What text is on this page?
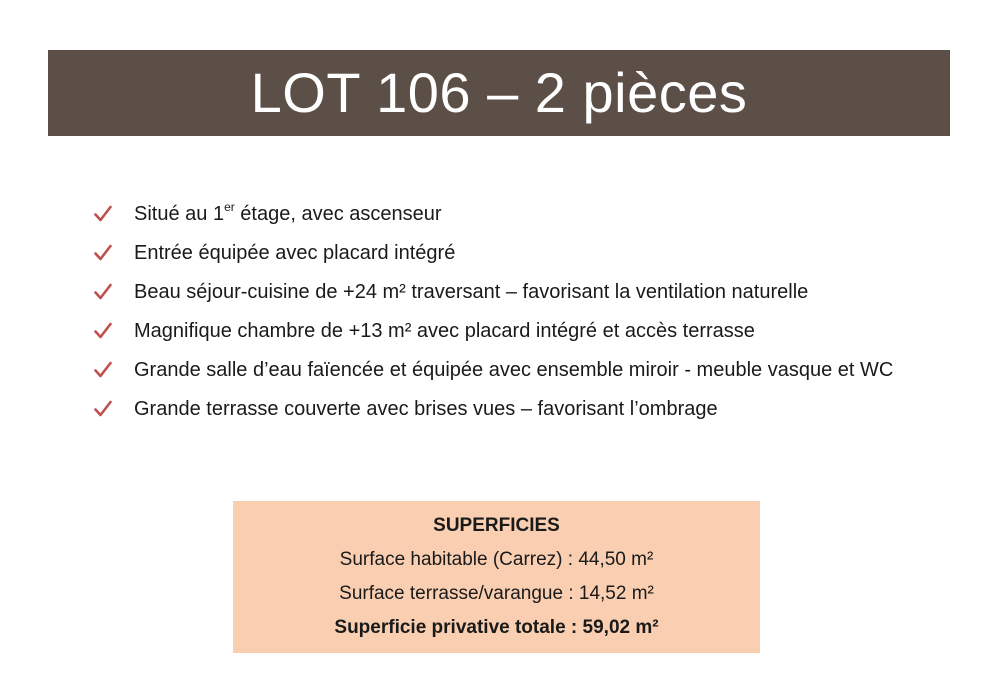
LOT 106 – 2 pièces
Situé au 1er étage, avec ascenseur
Entrée équipée avec placard intégré
Beau séjour-cuisine de +24 m² traversant – favorisant la ventilation naturelle
Magnifique chambre de +13 m² avec placard intégré et accès terrasse
Grande salle d’eau faïencée et équipée avec ensemble miroir - meuble vasque et WC
Grande terrasse couverte avec brises vues – favorisant l’ombrage
SUPERFICIES
Surface habitable (Carrez) : 44,50 m²
Surface terrasse/varangue : 14,52 m²
Superficie privative totale : 59,02 m²
